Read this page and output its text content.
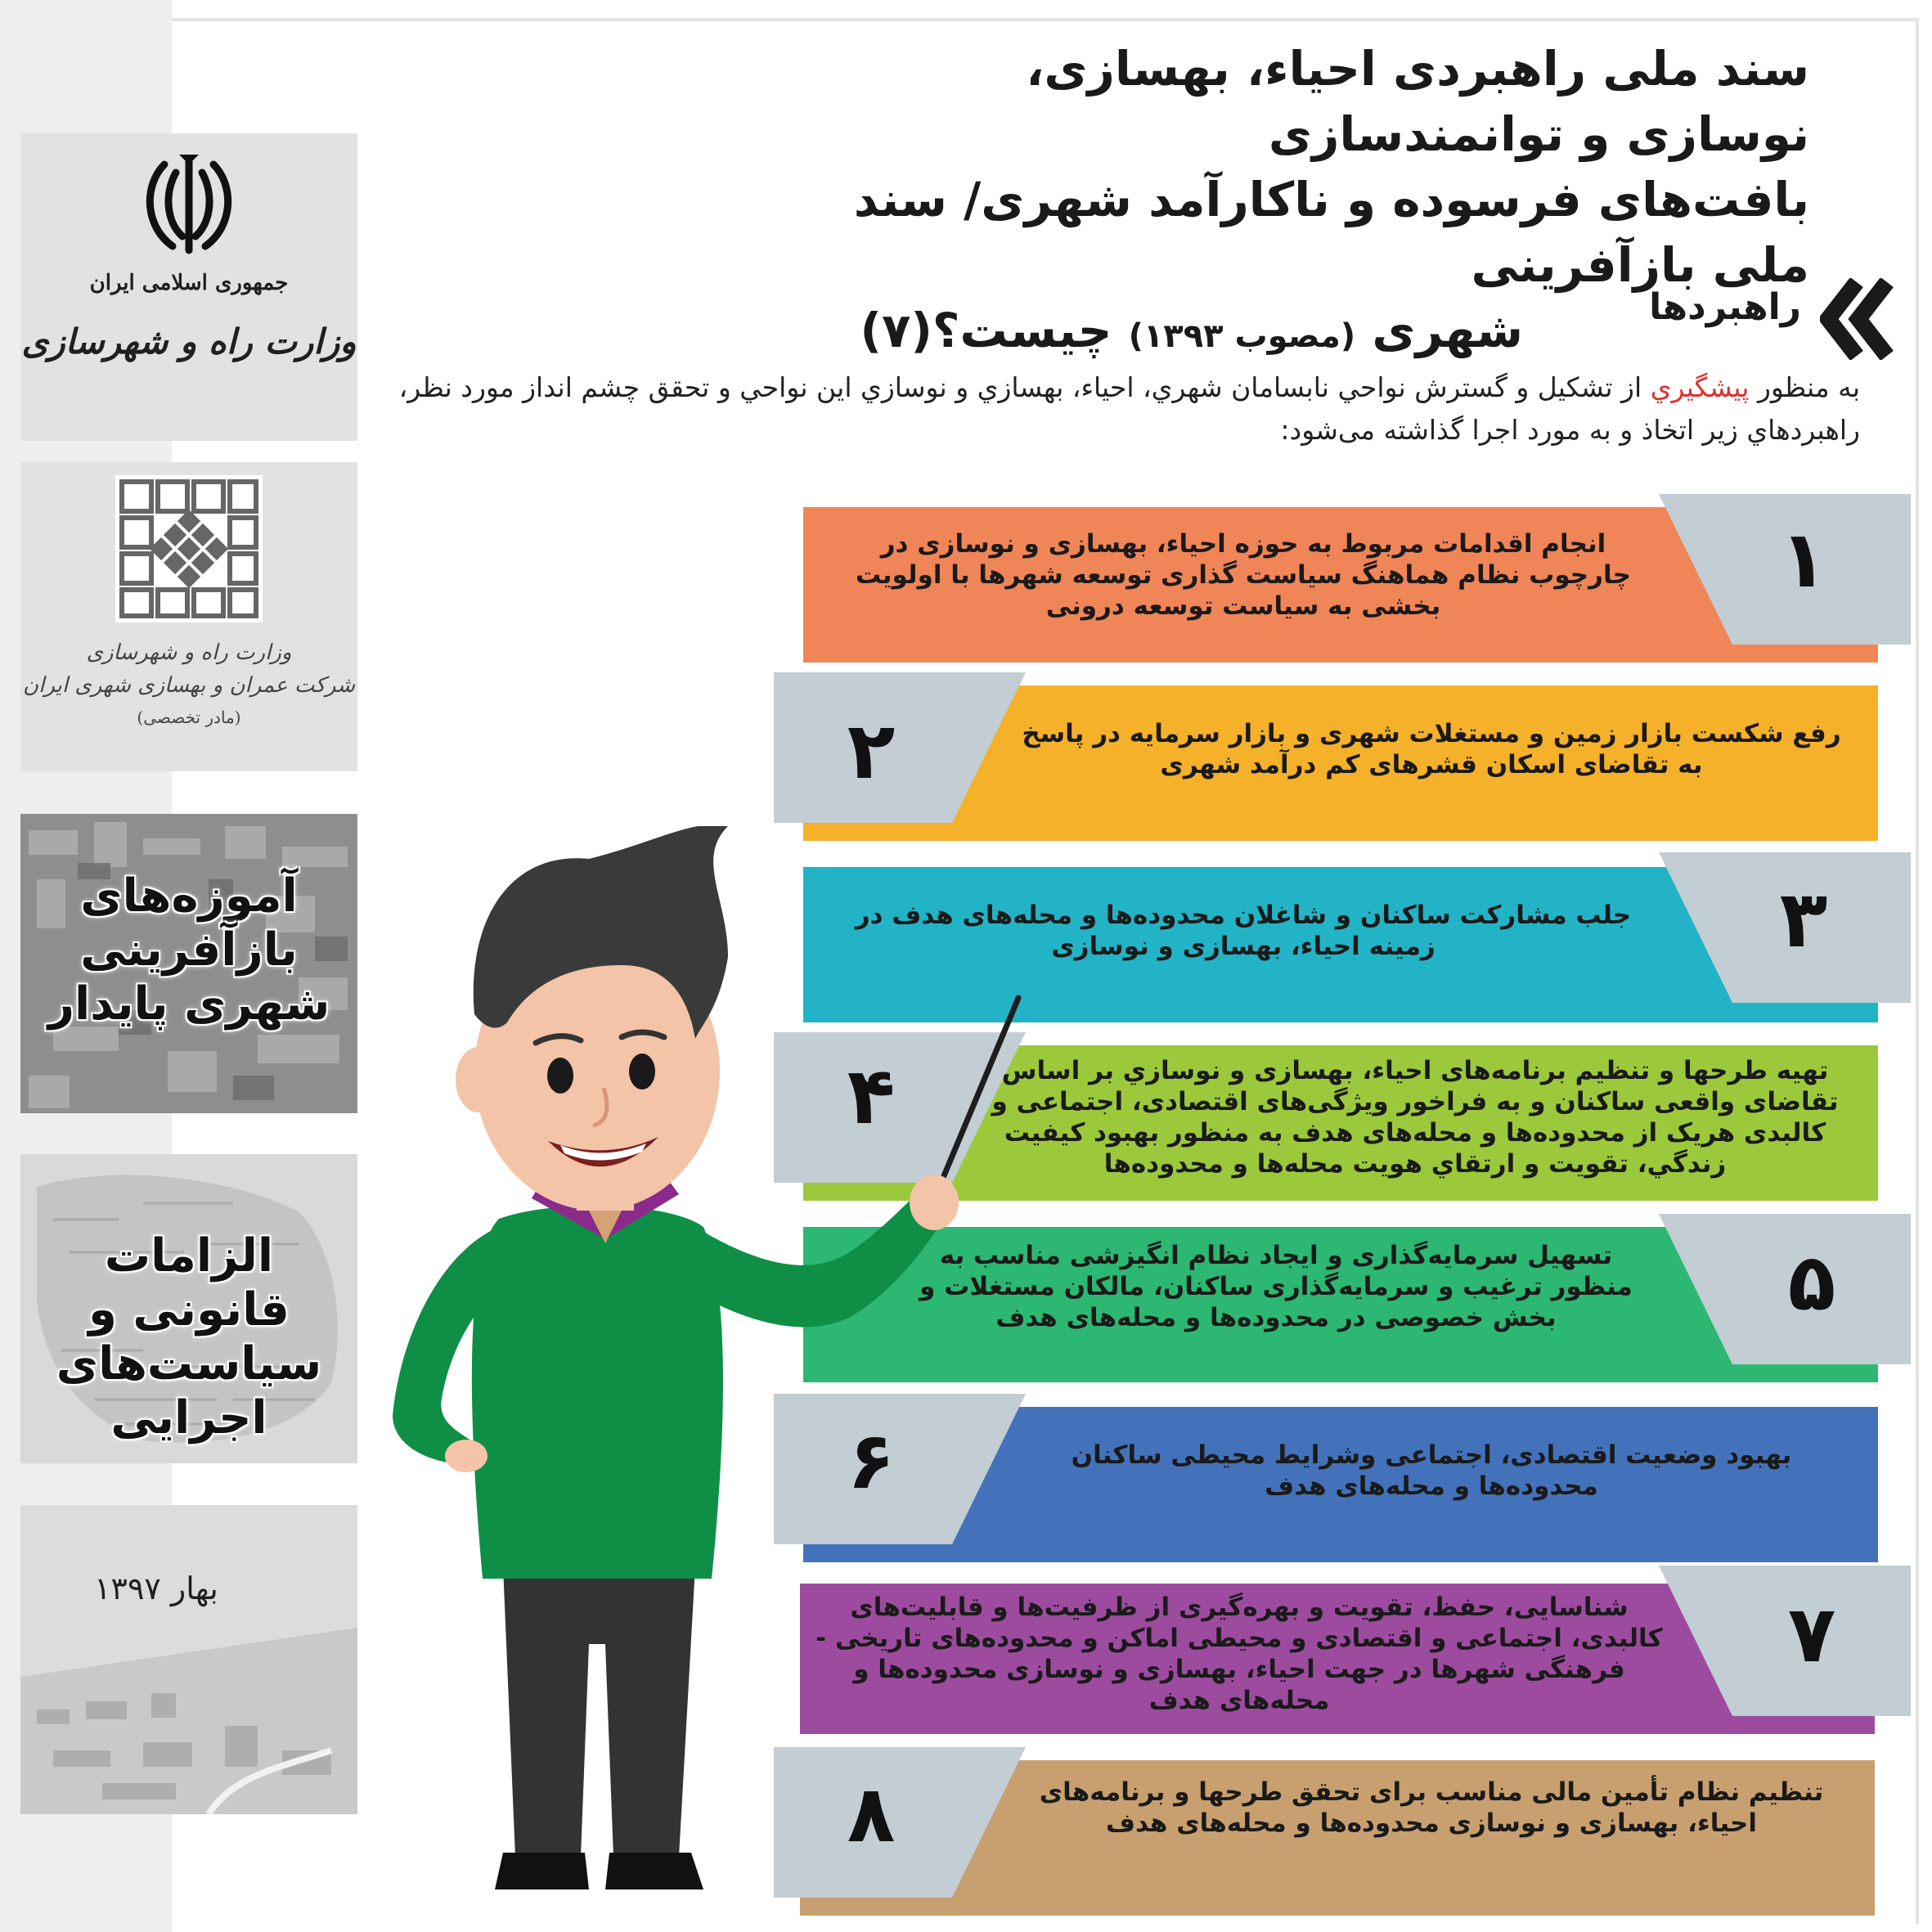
جمهوری اسلامی ایران
وزارت راه و شهرسازی
وزارت راه و شهرسازی
شرکت عمران و بهسازی شهری ایران
(مادر تخصصی)
آموزه‌های بازآفرینی شهری پایدار
الزامات قانونی و سیاست‌های اجرایی
بهار ۱۳۹۷
سند ملی راهبردی احیاء، بهسازی، نوسازی و توانمندسازی
بافت‌های فرسوده و ناکارآمد شهری/ سند ملی بازآفرینی
شهری (مصوب ۱۳۹۳) چیست؟(۷)	راهبردها
به منظور پيشگيري از تشكيل و گسترش نواحي نابسامان شهري، احياء، بهسازي و نوسازي اين نواحي و تحقق چشم انداز مورد نظر، راهبردهاي زير اتخاذ و به مورد اجرا گذاشته می‌شود:
انجام اقدامات مربوط به حوزه احیاء، بهسازی و نوسازی در چارچوب نظام هماهنگ سیاست گذاری توسعه شهرها با اولویت بخشی به سیاست توسعه درونی
۱
رفع شکست بازار زمین و مستغلات شهری و بازار سرمایه در پاسخ به تقاضای اسکان قشرهای کم درآمد شهری
۲
جلب مشارکت ساکنان و شاغلان محدوده‌ها و محله‌های هدف در زمینه احیاء، بهسازی و نوسازی	۳
تهیه طرحها و تنظیم برنامه‌های احیاء، بهسازی و نوسازي بر اساس تقاضای واقعی ساکنان و به فراخور ویژگی‌های اقتصادی، اجتماعی و کالبدی هریک از محدوده‌ها و محله‌های هدف به منظور بهبود کيفيت زندگي، تقويت و ارتقاي هويت محله‌ها و محدوده‌ها
۴
تسهیل سرمایه‌گذاری و ایجاد نظام انگیزشی مناسب به منظور ترغیب و سرمایه‌گذاری ساکنان، مالکان مستغلات و بخش خصوصی در محدوده‌ها و محله‌های هدف	۵
بهبود وضعیت اقتصادی، اجتماعی وشرایط محیطی ساکنان محدوده‌ها و محله‌های هدف
۶
شناسایی، حفظ، تقویت و بهره‌گیری از ظرفیت‌ها و قابلیت‌های کالبدی، اجتماعی و اقتصادی و محیطی اماکن و محدوده‌های تاریخی - فرهنگی شهرها در جهت احیاء، بهسازی و نوسازی محدوده‌ها و محله‌های هدف
۷
تنظیم نظام تأمین مالی مناسب برای تحقق طرحها و برنامه‌های احیاء، بهسازی و نوسازی محدوده‌ها و محله‌های هدف
۸
